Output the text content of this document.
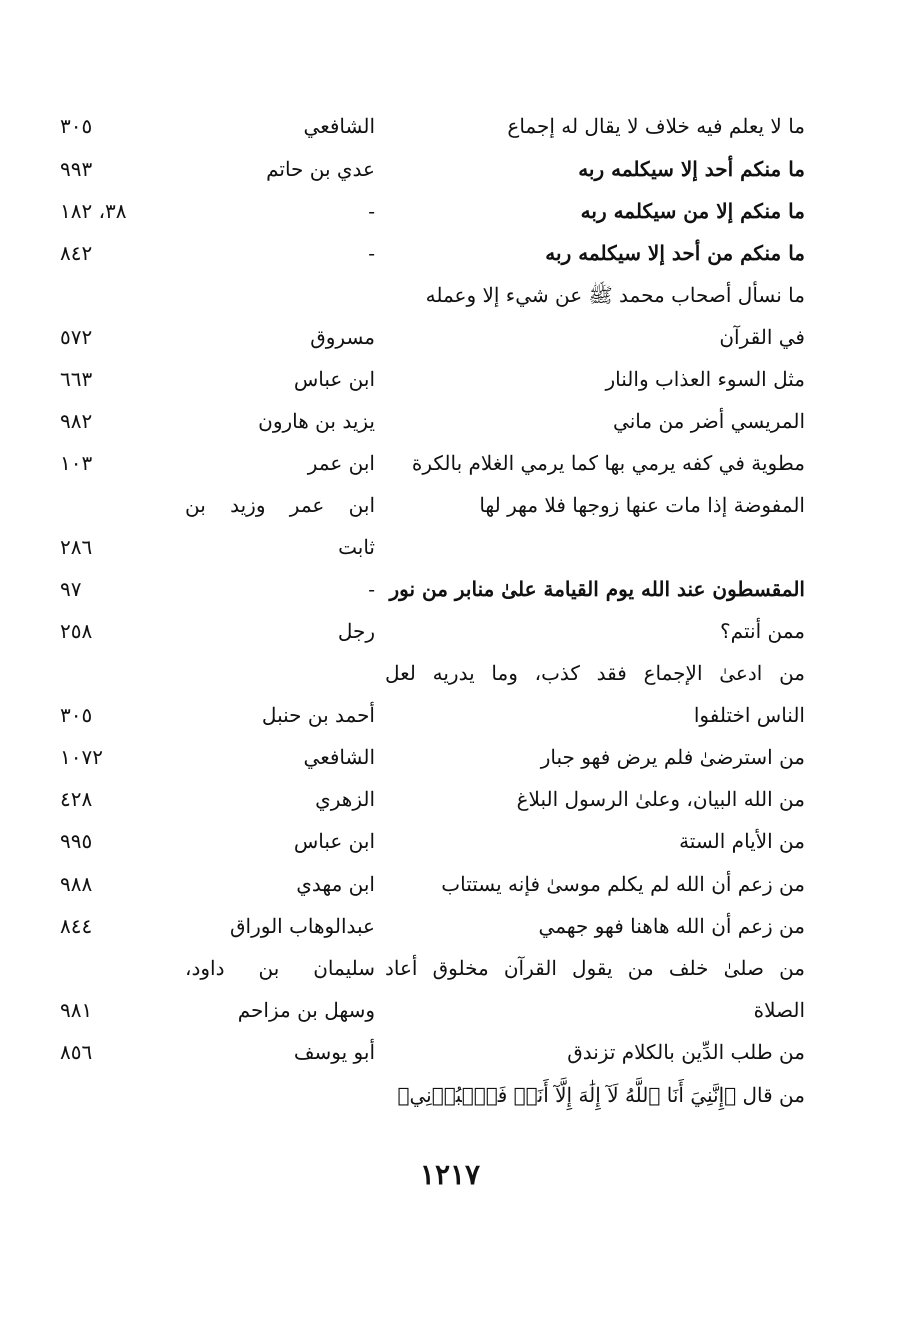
ما لا يعلم فيه خلاف لا يقال له إجماع
الشافعي
٣٠٥
ما منكم أحد إلا سيكلمه ربه
عدي بن حاتم
٩٩٣
ما منكم إلا من سيكلمه ربه
-
٣٨، ١٨٢
ما منكم من أحد إلا سيكلمه ربه
-
٨٤٢
ما نسأل أصحاب محمد ﷺ عن شيء إلا وعمله
في القرآن
مسروق
٥٧٢
مثل السوء العذاب والنار
ابن عباس
٦٦٣
المريسي أضر من ماني
يزيد بن هارون
٩٨٢
مطوية في كفه يرمي بها كما يرمي الغلام بالكرة
ابن عمر
١٠٣
المفوضة إذا مات عنها زوجها فلا مهر لها
ابن عمر وزيد بن
ثابت
٢٨٦
المقسطون عند الله يوم القيامة علىٰ منابر من نور
-
٩٧
ممن أنتم؟
رجل
٢٥٨
من ادعىٰ الإجماع فقد كذب، وما يدريه لعل
الناس اختلفوا
أحمد بن حنبل
٣٠٥
من استرضىٰ فلم يرض فهو جبار
الشافعي
١٠٧٢
من الله البيان، وعلىٰ الرسول البلاغ
الزهري
٤٢٨
من الأيام الستة
ابن عباس
٩٩٥
من زعم أن الله لم يكلم موسىٰ فإنه يستتاب
ابن مهدي
٩٨٨
من زعم أن الله هاهنا فهو جهمي
عبدالوهاب الوراق
٨٤٤
من صلىٰ خلف من يقول القرآن مخلوق أعاد
سليمان بن داود،
الصلاة
وسهل بن مزاحم
٩٨١
من طلب الدِّين بالكلام تزندق
أبو يوسف
٨٥٦
من قال ﴿إِنَّنِيَ أَنَا ٱللَّهُ لَآ إِلَٰهَ إِلَّآ أَنَا۠ فَٱعۡبُدۡنِي﴾
١٢١٧
